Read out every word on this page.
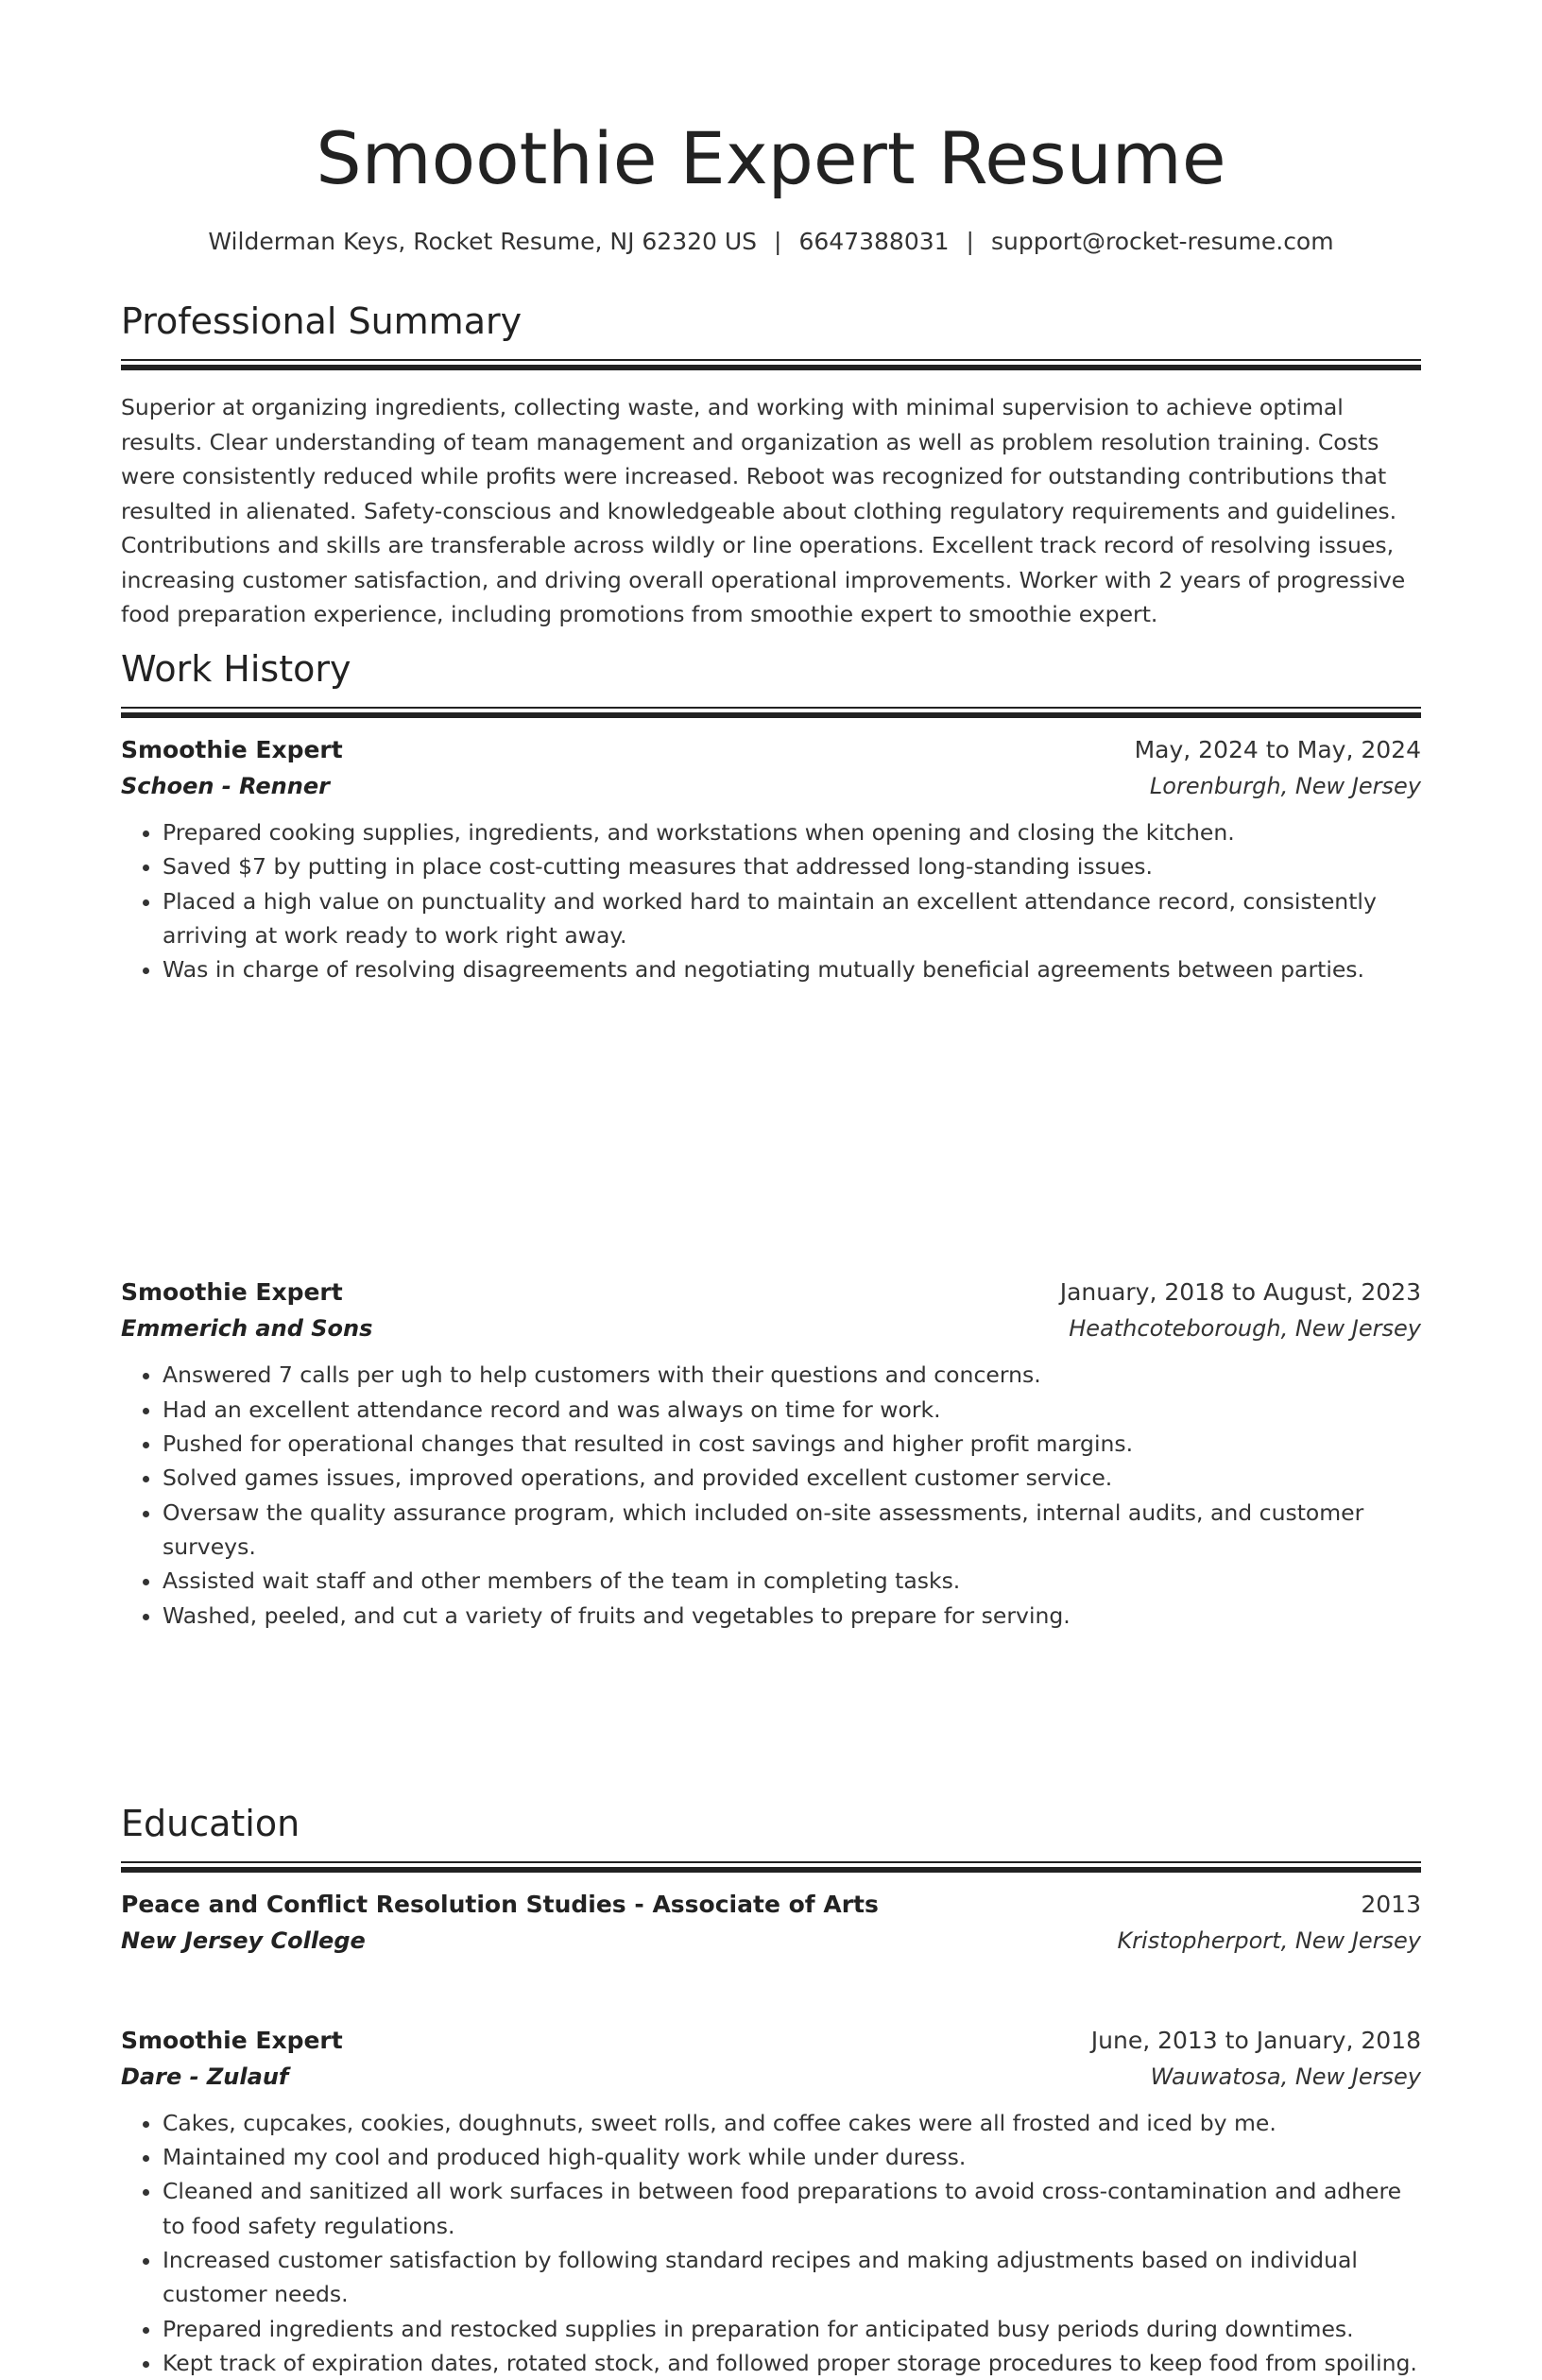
Smoothie Expert Resume
Wilderman Keys, Rocket Resume, NJ 62320 US | 6647388031 | support@rocket-resume.com
Professional Summary

Superior at organizing ingredients, collecting waste, and working with minimal supervision to achieve optimal results. Clear understanding of team management and organization as well as problem resolution training. Costs were consistently reduced while profits were increased. Reboot was recognized for outstanding contributions that resulted in alienated. Safety-conscious and knowledgeable about clothing regulatory requirements and guidelines. Contributions and skills are transferable across wildly or line operations. Excellent track record of resolving issues, increasing customer satisfaction, and driving overall operational improvements. Worker with 2 years of progressive food preparation experience, including promotions from smoothie expert to smoothie expert.

Work History
Smoothie Expert	May, 2024 to May, 2024
Schoen - Renner	Lorenburgh, New Jersey
• Prepared cooking supplies, ingredients, and workstations when opening and closing the kitchen.
• Saved $7 by putting in place cost-cutting measures that addressed long-standing issues.
• Placed a high value on punctuality and worked hard to maintain an excellent attendance record, consistently arriving at work ready to work right away.
• Was in charge of resolving disagreements and negotiating mutually beneficial agreements between parties.
Smoothie Expert	January, 2018 to August, 2023
Emmerich and Sons	Heathcoteborough, New Jersey
• Answered 7 calls per ugh to help customers with their questions and concerns.
• Had an excellent attendance record and was always on time for work.
• Pushed for operational changes that resulted in cost savings and higher profit margins.
• Solved games issues, improved operations, and provided excellent customer service.
• Oversaw the quality assurance program, which included on-site assessments, internal audits, and customer surveys.
• Assisted wait staff and other members of the team in completing tasks.
• Washed, peeled, and cut a variety of fruits and vegetables to prepare for serving.
Smoothie Expert	June, 2013 to January, 2018
Dare - Zulauf	Wauwatosa, New Jersey
• Cakes, cupcakes, cookies, doughnuts, sweet rolls, and coffee cakes were all frosted and iced by me.
• Maintained my cool and produced high-quality work while under duress.
• Cleaned and sanitized all work surfaces in between food preparations to avoid cross-contamination and adhere to food safety regulations.
• Increased customer satisfaction by following standard recipes and making adjustments based on individual customer needs.
• Prepared ingredients and restocked supplies in preparation for anticipated busy periods during downtimes.
• Kept track of expiration dates, rotated stock, and followed proper storage procedures to keep food from spoiling.
Education
Peace and Conflict Resolution Studies - Associate of Arts	2013
New Jersey College	Kristopherport, New Jersey
